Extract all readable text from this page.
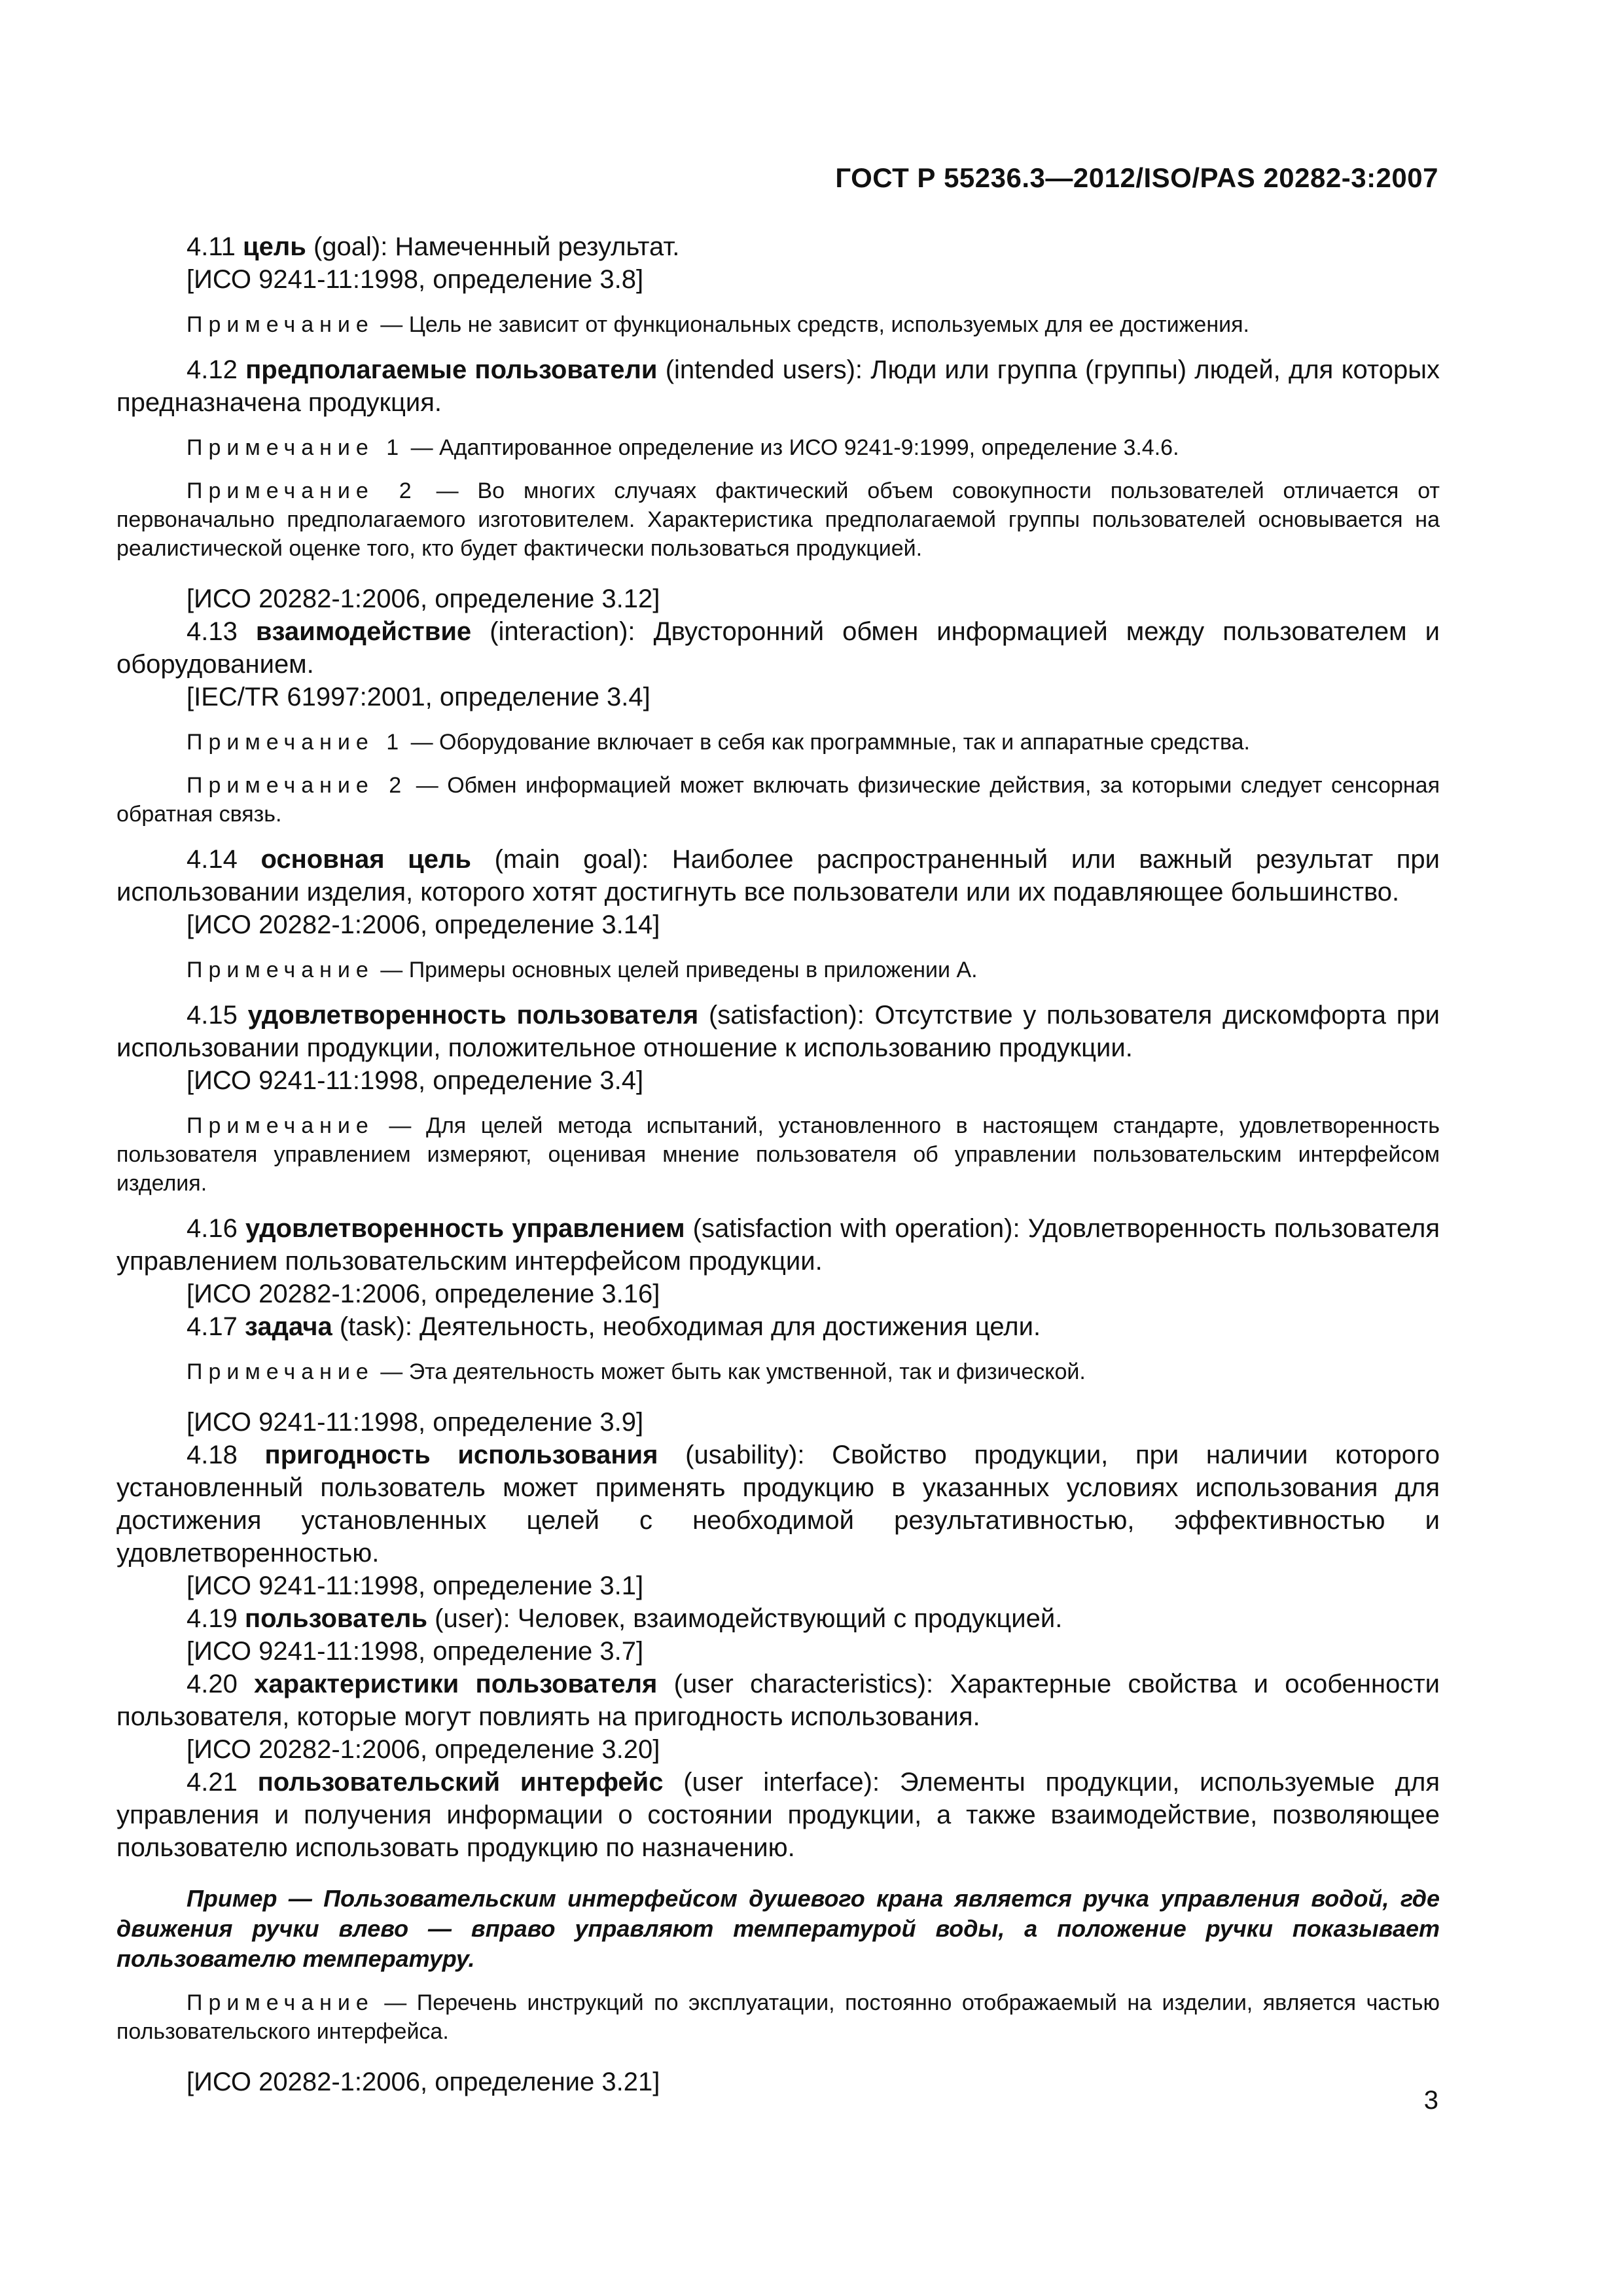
ГОСТ Р 55236.3—2012/ISO/PAS 20282-3:2007

4.11 цель (goal): Намеченный результат.

[ИСО 9241-11:1998, определение 3.8]

Примечание — Цель не зависит от функциональных средств, используемых для ее достижения.

4.12 предполагаемые пользователи (intended users): Люди или группа (группы) людей, для которых предназначена продукция.

Примечание 1 — Адаптированное определение из ИСО 9241-9:1999, определение 3.4.6.

Примечание 2 — Во многих случаях фактический объем совокупности пользователей отличается от первоначально предполагаемого изготовителем. Характеристика предполагаемой группы пользователей основывается на реалистической оценке того, кто будет фактически пользоваться продукцией.

[ИСО 20282-1:2006, определение 3.12]

4.13 взаимодействие (interaction): Двусторонний обмен информацией между пользователем и оборудованием.

[IEC/TR 61997:2001, определение 3.4]

Примечание 1 — Оборудование включает в себя как программные, так и аппаратные средства.

Примечание 2 — Обмен информацией может включать физические действия, за которыми следует сенсорная обратная связь.

4.14 основная цель (main goal): Наиболее распространенный или важный результат при использовании изделия, которого хотят достигнуть все пользователи или их подавляющее большинство.

[ИСО 20282-1:2006, определение 3.14]

Примечание — Примеры основных целей приведены в приложении А.

4.15 удовлетворенность пользователя (satisfaction): Отсутствие у пользователя дискомфорта при использовании продукции, положительное отношение к использованию продукции.

[ИСО 9241-11:1998, определение 3.4]

Примечание — Для целей метода испытаний, установленного в настоящем стандарте, удовлетворенность пользователя управлением измеряют, оценивая мнение пользователя об управлении пользовательским интерфейсом изделия.

4.16 удовлетворенность управлением (satisfaction with operation): Удовлетворенность пользователя управлением пользовательским интерфейсом продукции.

[ИСО 20282-1:2006, определение 3.16]

4.17 задача (task): Деятельность, необходимая для достижения цели.

Примечание — Эта деятельность может быть как умственной, так и физической.

[ИСО 9241-11:1998, определение 3.9]

4.18 пригодность использования (usability): Свойство продукции, при наличии которого установленный пользователь может применять продукцию в указанных условиях использования для достижения установленных целей с необходимой результативностью, эффективностью и удовлетворенностью.

[ИСО 9241-11:1998, определение 3.1]

4.19 пользователь (user): Человек, взаимодействующий с продукцией.

[ИСО 9241-11:1998, определение 3.7]

4.20 характеристики пользователя (user characteristics): Характерные свойства и особенности пользователя, которые могут повлиять на пригодность использования.

[ИСО 20282-1:2006, определение 3.20]

4.21 пользовательский интерфейс (user interface): Элементы продукции, используемые для управления и получения информации о состоянии продукции, а также взаимодействие, позволяющее пользователю использовать продукцию по назначению.

Пример — Пользовательским интерфейсом душевого крана является ручка управления водой, где движения ручки влево — вправо управляют температурой воды, а положение ручки показывает пользователю температуру.

Примечание — Перечень инструкций по эксплуатации, постоянно отображаемый на изделии, является частью пользовательского интерфейса.

[ИСО 20282-1:2006, определение 3.21]

3
